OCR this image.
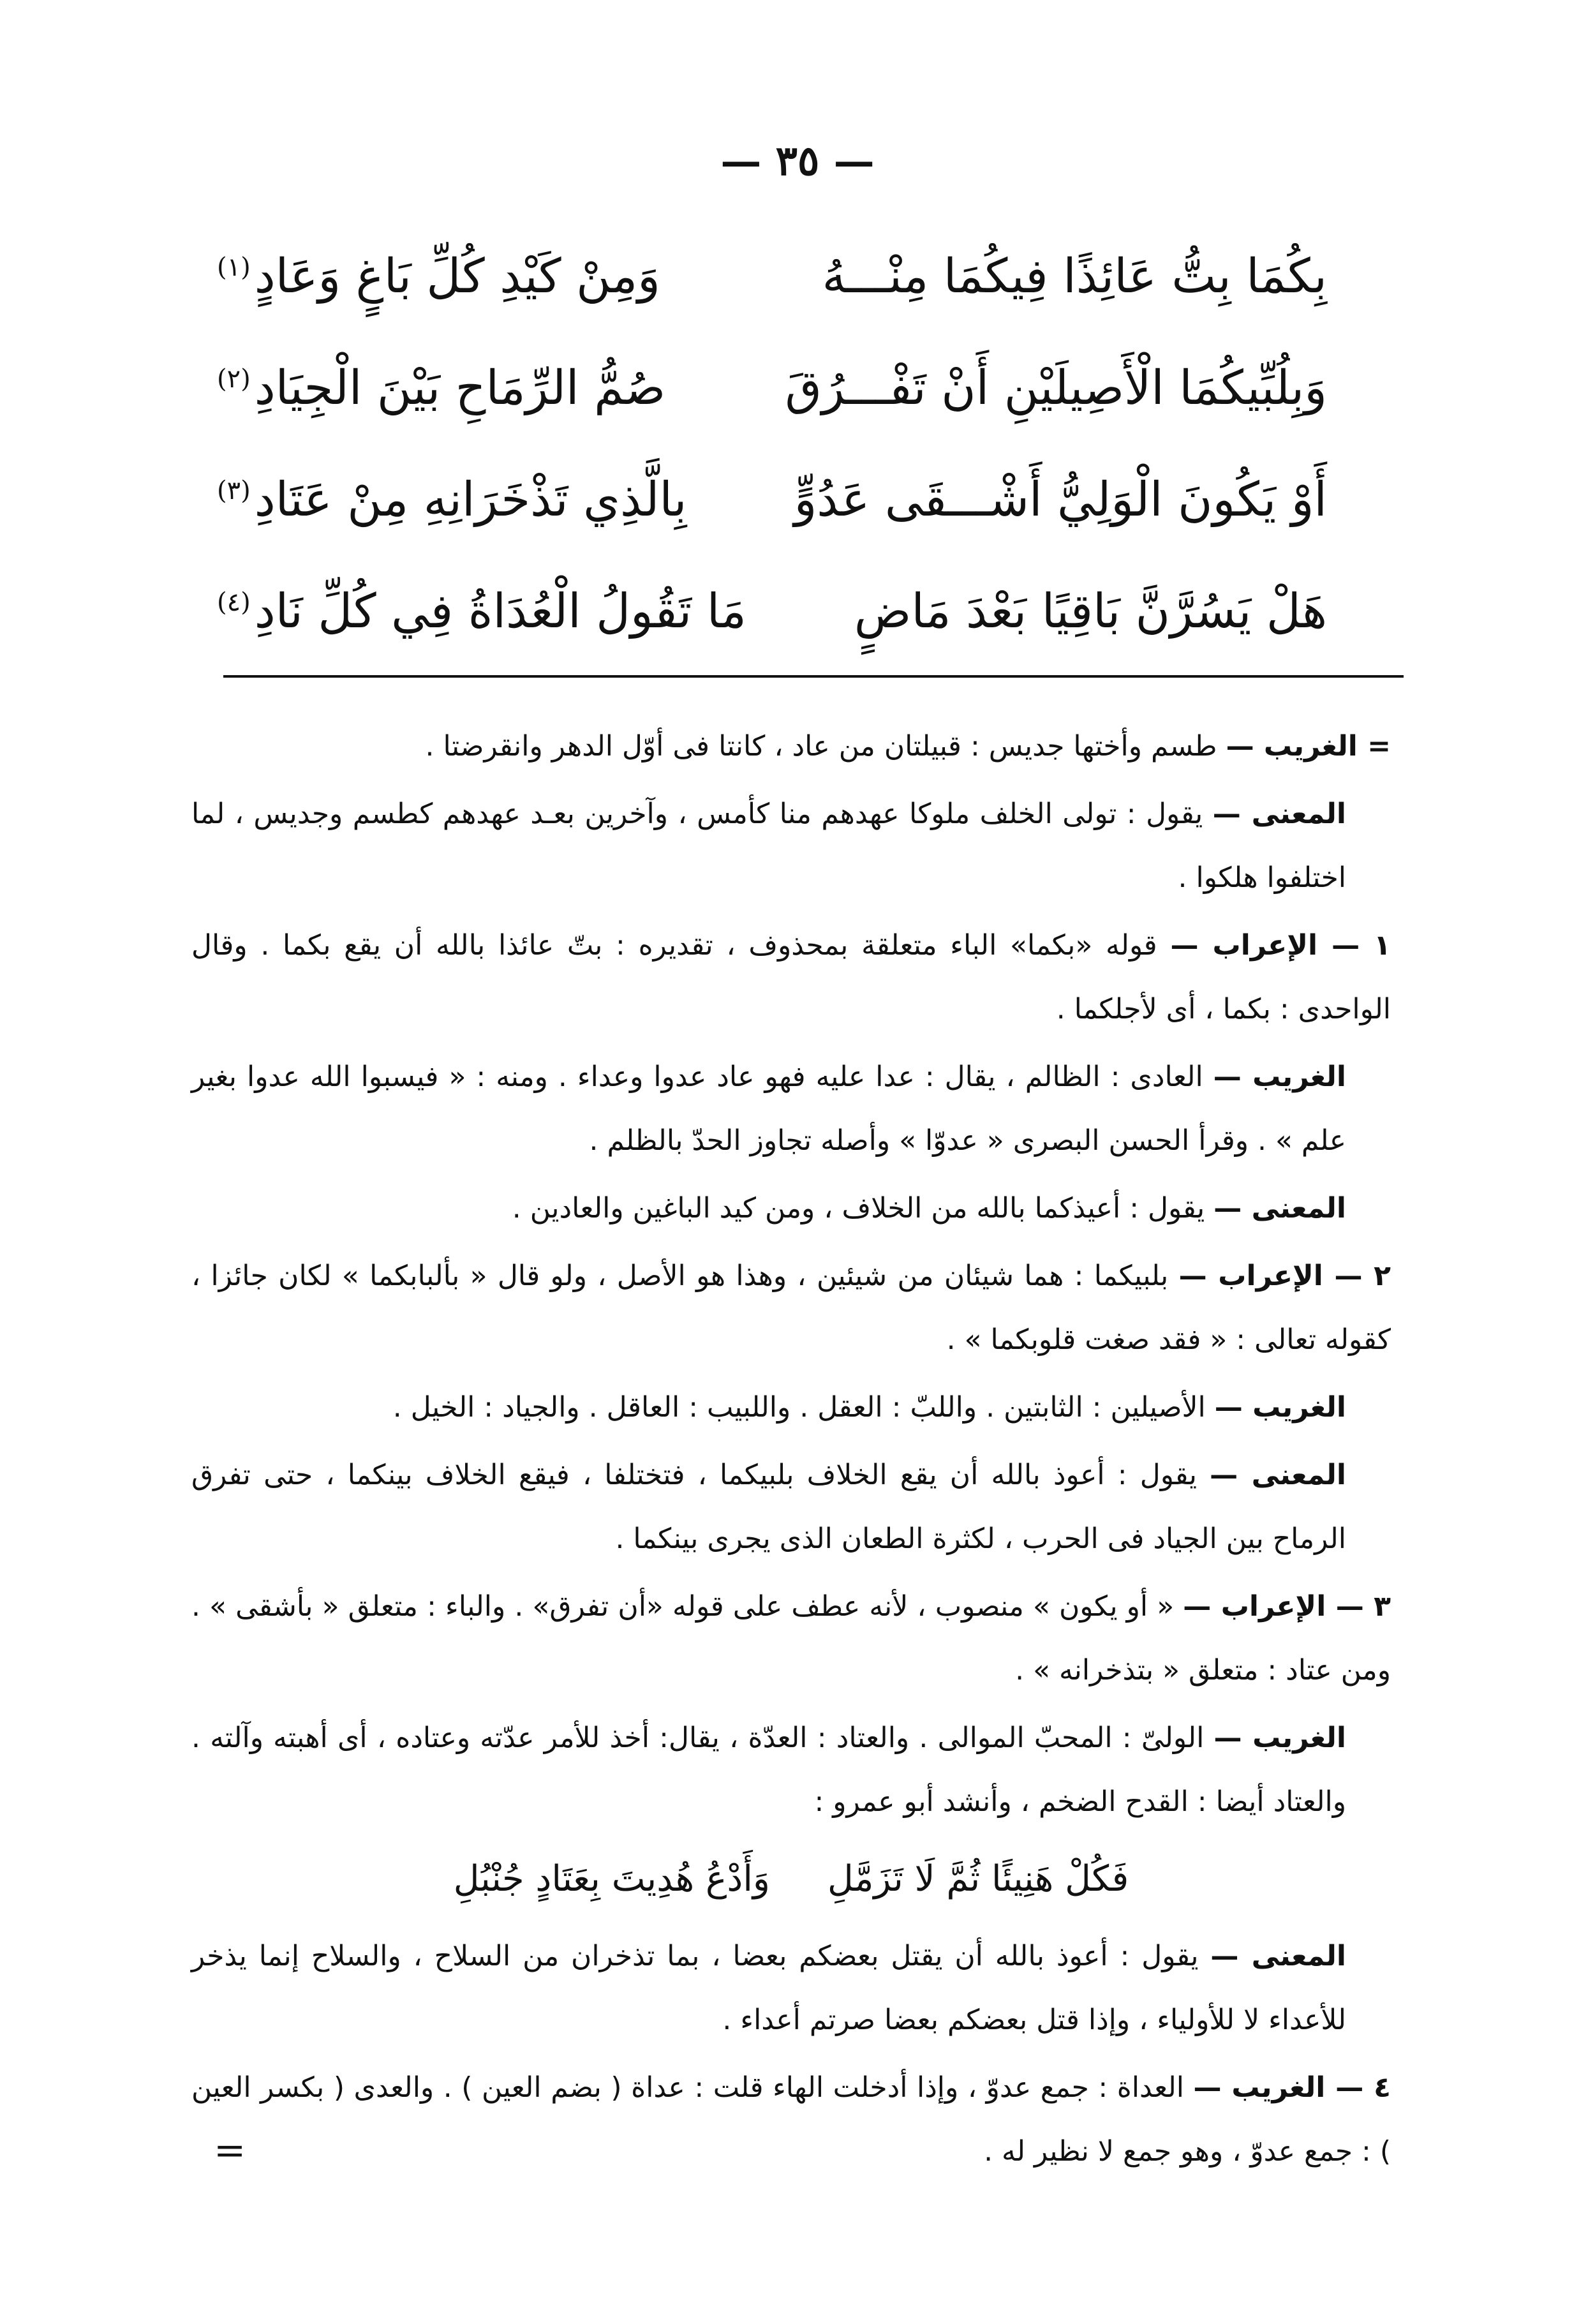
— ٣٥ —
بِكُمَا بِتُّ عَائِذًا فِيكُمَا مِنْـــهُ
وَمِنْ كَيْدِ كُلِّ بَاغٍ وَعَادٍ$^{(١)}$
وَبِلُبِّيكُمَا الْأَصِيلَيْنِ أَنْ تَفْـــرُقَ
صُمُّ الرِّمَاحِ بَيْنَ الْجِيَادِ$^{(٢)}$
أَوْ يَكُونَ الْوَلِيُّ أَشْـــقَى عَدُوٍّ
بِالَّذِي تَذْخَرَانِهِ مِنْ عَتَادِ$^{(٣)}$
هَلْ يَسُرَّنَّ بَاقِيًا بَعْدَ مَاضٍ
مَا تَقُولُ الْعُدَاةُ فِي كُلِّ نَادِ$^{(٤)}$

= الغريب — طسم وأختها جديس : قبيلتان من عاد ، كانتا فى أوّل الدهر وانقرضتا .

المعنى — يقول : تولى الخلف ملوكا عهدهم منا كأمس ، وآخرين بعـد عهدهم كطسم وجديس ، لما اختلفوا هلكوا .

١ — الإعراب — قوله «بكما» الباء متعلقة بمحذوف ، تقديره : بتّ عائذا بالله أن يقع بكما . وقال الواحدى : بكما ، أى لأجلكما .

الغريب — العادى : الظالم ، يقال : عدا عليه فهو عاد عدوا وعداء . ومنه : « فيسبوا الله عدوا بغير علم » . وقرأ الحسن البصرى « عدوّا » وأصله تجاوز الحدّ بالظلم .

المعنى — يقول : أعيذكما بالله من الخلاف ، ومن كيد الباغين والعادين .

٢ — الإعراب — بلبيكما : هما شيئان من شيئين ، وهذا هو الأصل ، ولو قال « بألبابكما » لكان جائزا ، كقوله تعالى : « فقد صغت قلوبكما » .

الغريب — الأصيلين : الثابتين . واللبّ : العقل . واللبيب : العاقل . والجياد : الخيل .

المعنى — يقول : أعوذ بالله أن يقع الخلاف بلبيكما ، فتختلفا ، فيقع الخلاف بينكما ، حتى تفرق الرماح بين الجياد فى الحرب ، لكثرة الطعان الذى يجرى بينكما .

٣ — الإعراب — « أو يكون » منصوب ، لأنه عطف على قوله «أن تفرق» . والباء : متعلق « بأشقى » . ومن عتاد : متعلق « بتذخرانه » .

الغريب — الولىّ : المحبّ الموالى . والعتاد : العدّة ، يقال: أخذ للأمر عدّته وعتاده ، أى أهبته وآلته . والعتاد أيضا : القدح الضخم ، وأنشد أبو عمرو :

فَكُلْ هَنِيئًا ثُمَّ لَا تَزَمَّلِوَأَدْعُ هُدِيتَ بِعَتَادٍ جُنْبُلِ

المعنى — يقول : أعوذ بالله أن يقتل بعضكم بعضا ، بما تذخران من السلاح ، والسلاح إنما يذخر للأعداء لا للأولياء ، وإذا قتل بعضكم بعضا صرتم أعداء .

٤ — الغريب — العداة : جمع عدوّ ، وإذا أدخلت الهاء قلت : عداة ( بضم العين ) . والعدى ( بكسر العين ) : جمع عدوّ ، وهو جمع لا نظير له .

=
